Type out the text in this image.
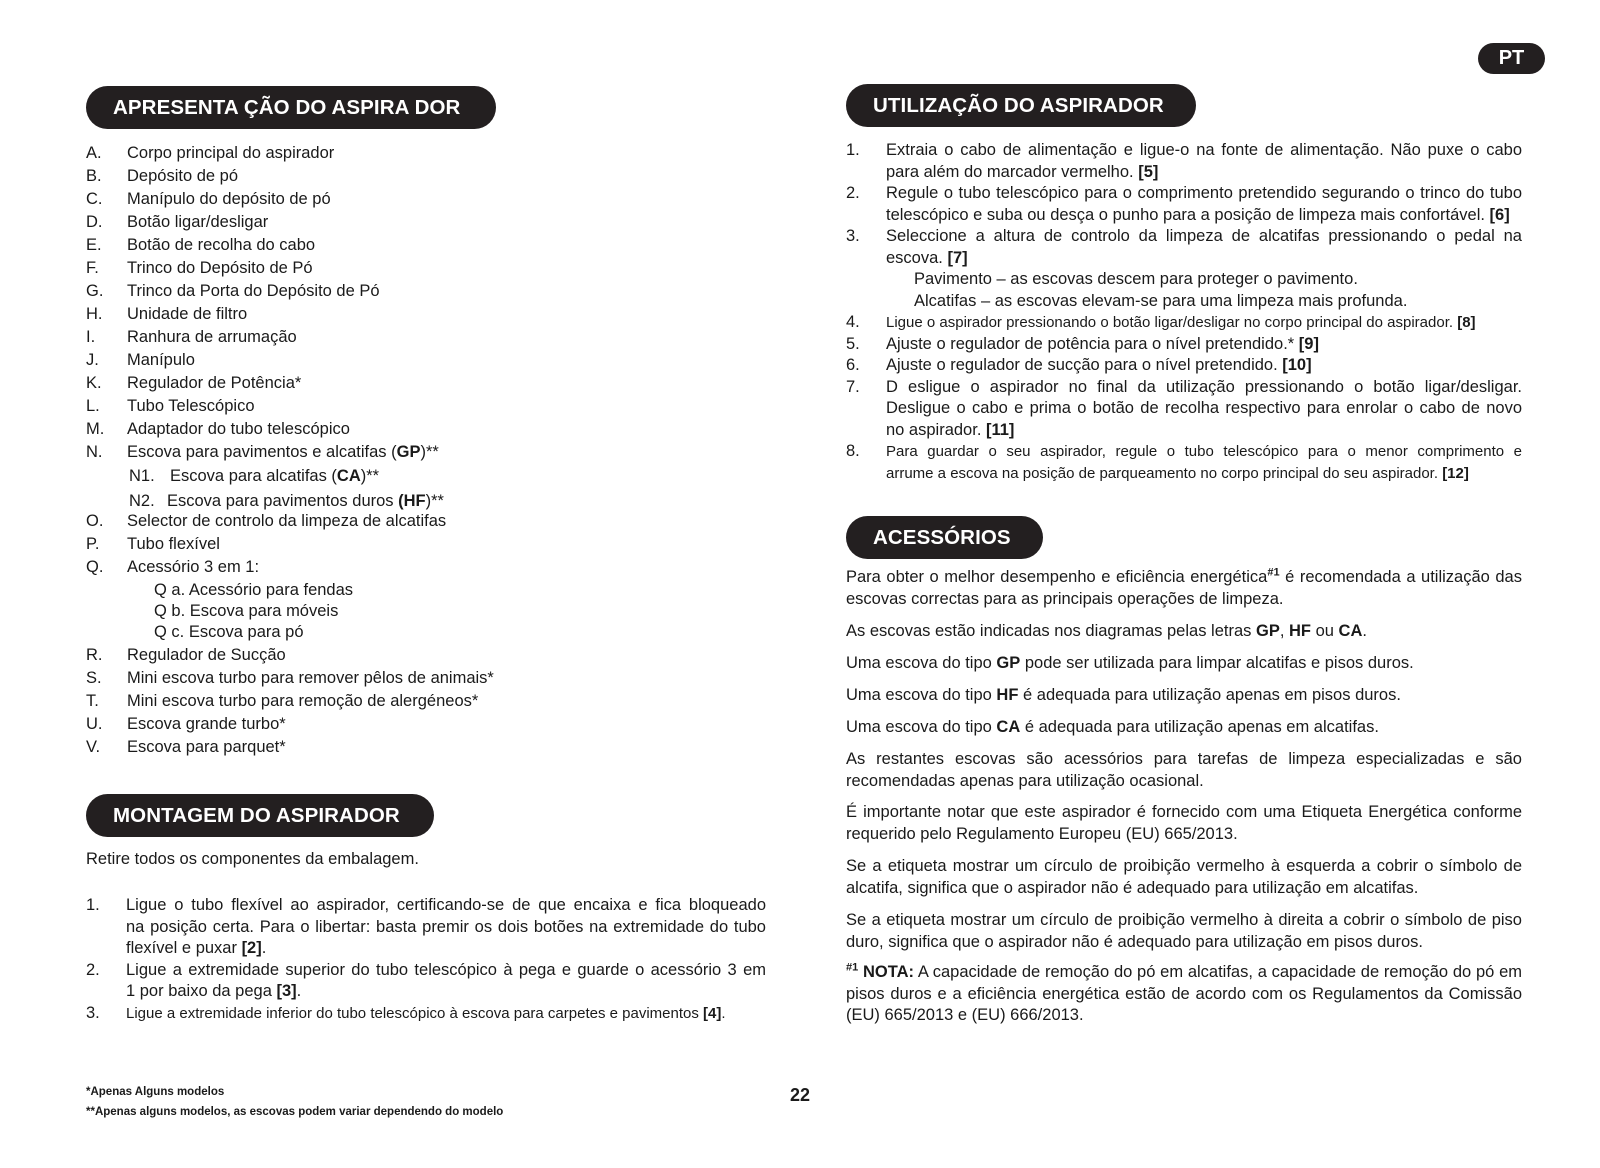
PT
APRESENTA ÇÃO DO ASPIRA DOR
A. Corpo principal do aspirador
B. Depósito de pó
C. Manípulo do depósito de pó
D. Botão ligar/desligar
E. Botão de recolha do cabo
F. Trinco do Depósito de Pó
G. Trinco da Porta do Depósito de Pó
H. Unidade de filtro
I. Ranhura de arrumação
J. Manípulo
K. Regulador de Potência*
L. Tubo Telescópico
M. Adaptador do tubo telescópico
N. Escova para pavimentos e alcatifas (GP)**
N1. Escova para alcatifas (CA)**
N2. Escova para pavimentos duros (HF)**
O. Selector de controlo da limpeza de alcatifas
P. Tubo flexível
Q. Acessório 3 em 1:
Q a. Acessório para fendas
Q b. Escova para móveis
Q c. Escova para pó
R. Regulador de Sucção
S. Mini escova turbo para remover pêlos de animais*
T. Mini escova turbo para remoção de alergéneos*
U. Escova grande turbo*
V. Escova para parquet*
MONTAGEM DO ASPIRADOR
Retire todos os componentes da embalagem.
1. Ligue o tubo flexível ao aspirador, certificando-se de que encaixa e fica bloqueado
na posição certa. Para o libertar: basta premir os dois botões na extremidade do tubo
flexível e puxar [2].
2. Ligue a extremidade superior do tubo telescópico à pega e guarde o acessório 3 em
1 por baixo da pega [3].
3. Ligue a extremidade inferior do tubo telescópico à escova para carpetes e pavimentos [4].
UTILIZAÇÃO DO ASPIRADOR
1. Extraia o cabo de alimentação e ligue-o na fonte de alimentação. Não puxe o cabo
para além do marcador vermelho. [5]
2. Regule o tubo telescópico para o comprimento pretendido segurando o trinco do tubo
telescópico e suba ou desça o punho para a posição de limpeza mais confortável. [6]
3. Seleccione a altura de controlo da limpeza de alcatifas pressionando o pedal na
escova. [7]
Pavimento – as escovas descem para proteger o pavimento.
Alcatifas – as escovas elevam-se para uma limpeza mais profunda.
4. Ligue o aspirador pressionando o botão ligar/desligar no corpo principal do aspirador. [8]
5. Ajuste o regulador de potência para o nível pretendido.* [9]
6. Ajuste o regulador de sucção para o nível pretendido. [10]
7. D esligue o aspirador no final da utilização pressionando o botão ligar/desligar.
Desligue o cabo e prima o botão de recolha respectivo para enrolar o cabo de novo
no aspirador. [11]
8. Para guardar o seu aspirador, regule o tubo telescópico para o menor comprimento e
arrume a escova na posição de parqueamento no corpo principal do seu aspirador. [12]
ACESSÓRIOS
Para obter o melhor desempenho e eficiência energética$^{\#1}$ é recomendada a utilização das escovas correctas para as principais operações de limpeza.
As escovas estão indicadas nos diagramas pelas letras GP, HF ou CA.
Uma escova do tipo GP pode ser utilizada para limpar alcatifas e pisos duros.
Uma escova do tipo HF é adequada para utilização apenas em pisos duros.
Uma escova do tipo CA é adequada para utilização apenas em alcatifas.
As restantes escovas são acessórios para tarefas de limpeza especializadas e são recomendadas apenas para utilização ocasional.
É importante notar que este aspirador é fornecido com uma Etiqueta Energética conforme requerido pelo Regulamento Europeu (EU) 665/2013.
Se a etiqueta mostrar um círculo de proibição vermelho à esquerda a cobrir o símbolo de alcatifa, significa que o aspirador não é adequado para utilização em alcatifas.
Se a etiqueta mostrar um círculo de proibição vermelho à direita a cobrir o símbolo de piso duro, significa que o aspirador não é adequado para utilização em pisos duros.
$^{\#1}$ NOTA: A capacidade de remoção do pó em alcatifas, a capacidade de remoção do pó em pisos duros e a eficiência energética estão de acordo com os Regulamentos da Comissão (EU) 665/2013 e (EU) 666/2013.
*Apenas Alguns modelos
**Apenas alguns modelos, as escovas podem variar dependendo do modelo
22
